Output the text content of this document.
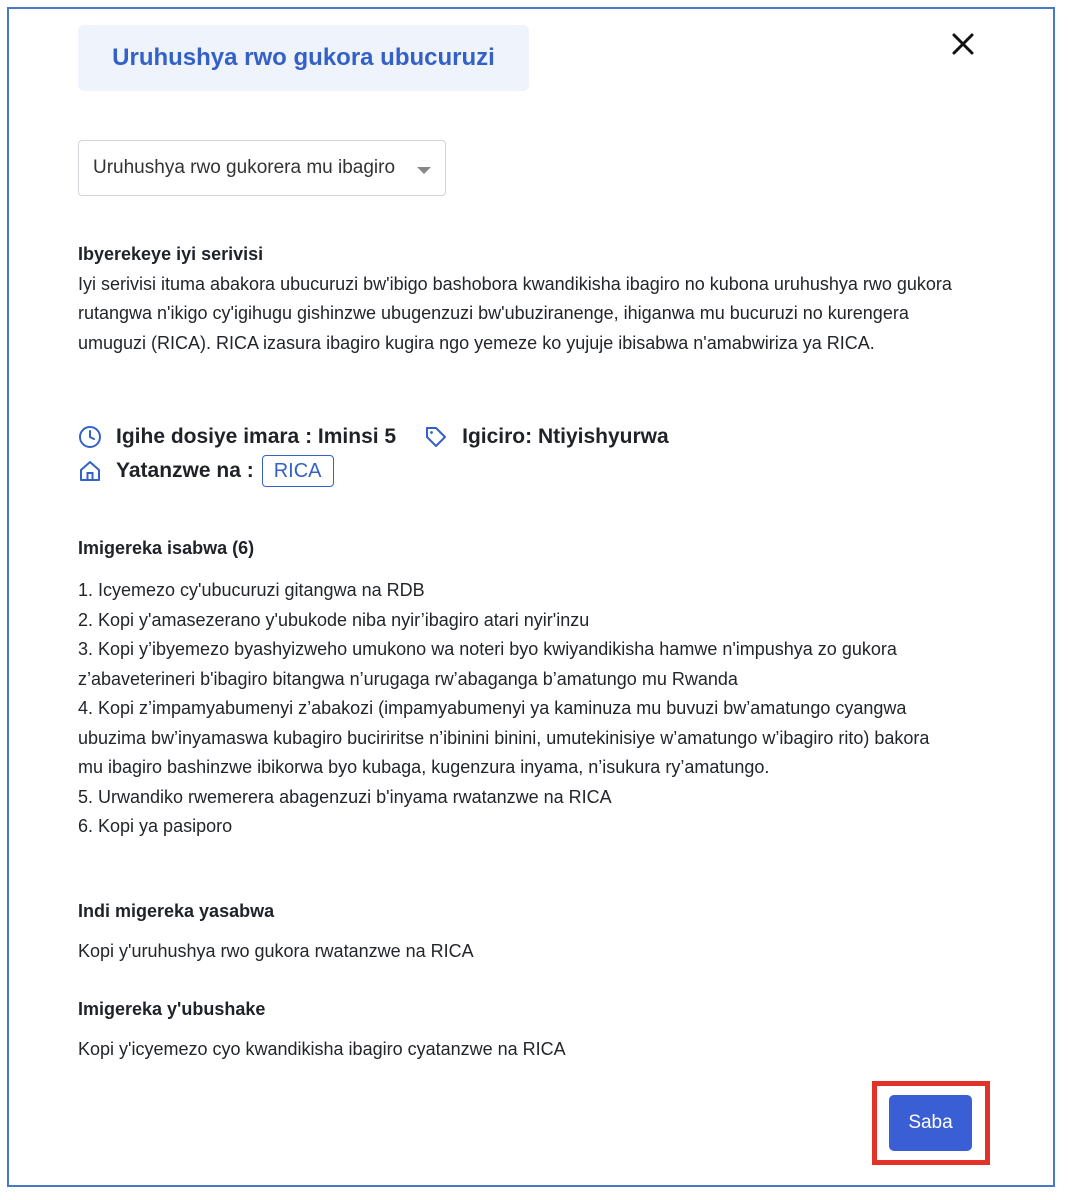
Uruhushya rwo gukora ubucuruzi
Uruhushya rwo gukorera mu ibagiro
Ibyerekeye iyi serivisi

Iyi serivisi ituma abakora ubucuruzi bw'ibigo bashobora kwandikisha ibagiro no kubona uruhushya rwo gukora rutangwa n'ikigo cy'igihugu gishinzwe ubugenzuzi bw'ubuziranenge, ihiganwa mu bucuruzi no kurengera umuguzi (RICA). RICA izasura ibagiro kugira ngo yemeze ko yujuje ibisabwa n'amabwiriza ya RICA.

Igihe dosiye imara : Iminsi 5	Igiciro: Ntiyishyurwa
Yatanzwe na :	RICA
Imigereka isabwa (6)
1. Icyemezo cy'ubucuruzi gitangwa na RDB
2. Kopi y'amasezerano y'ubukode niba nyir’ibagiro atari nyir'inzu
3. Kopi y’ibyemezo byashyizweho umukono wa noteri byo kwiyandikisha hamwe n'impushya zo gukora z’abaveterineri b'ibagiro bitangwa n’urugaga rw’abaganga b’amatungo mu Rwanda
4. Kopi z’impamyabumenyi z’abakozi (impamyabumenyi ya kaminuza mu buvuzi bw’amatungo cyangwa ubuzima bw’inyamaswa kubagiro buciriritse n’ibinini binini, umutekinisiye w’amatungo w’ibagiro rito) bakora mu ibagiro bashinzwe ibikorwa byo kubaga, kugenzura inyama, n’isukura ry’amatungo.
5. Urwandiko rwemerera abagenzuzi b'inyama rwatanzwe na RICA
6. Kopi ya pasiporo
Indi migereka yasabwa
Kopi y'uruhushya rwo gukora rwatanzwe na RICA
Imigereka y'ubushake
Kopi y'icyemezo cyo kwandikisha ibagiro cyatanzwe na RICA
Saba
